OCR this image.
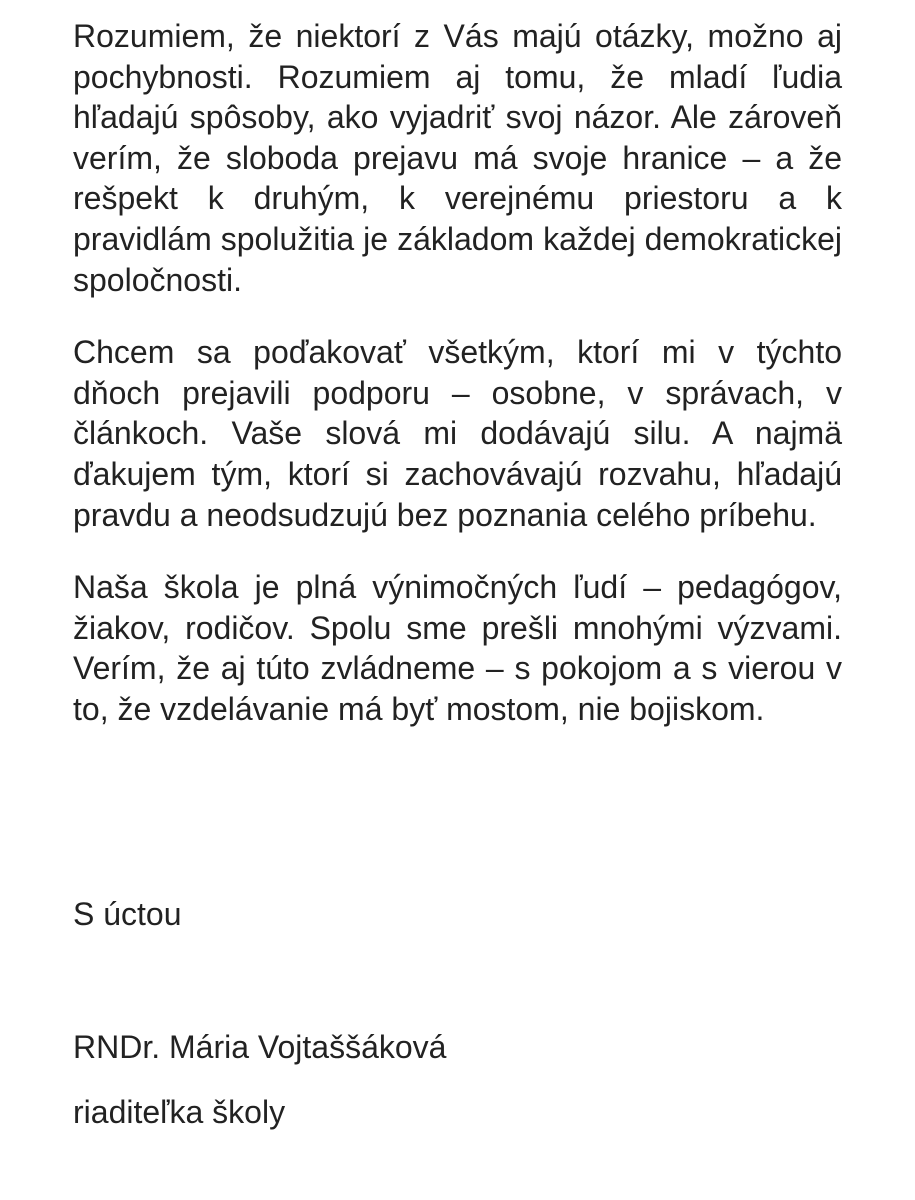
Rozumiem, že niektorí z Vás majú otázky, možno aj pochybnosti. Rozumiem aj tomu, že mladí ľudia hľadajú spôsoby, ako vyjadriť svoj názor. Ale zároveň verím, že sloboda prejavu má svoje hranice – a že rešpekt k druhým, k verejnému priestoru a k pravidlám spolužitia je základom každej demokratickej spoločnosti.

Chcem sa poďakovať všetkým, ktorí mi v týchto dňoch prejavili podporu – osobne, v správach, v článkoch. Vaše slová mi dodávajú silu. A najmä ďakujem tým, ktorí si zachovávajú rozvahu, hľadajú pravdu a neodsudzujú bez poznania celého príbehu.

Naša škola je plná výnimočných ľudí – pedagógov, žiakov, rodičov. Spolu sme prešli mnohými výzvami. Verím, že aj túto zvládneme – s pokojom a s vierou v to, že vzdelávanie má byť mostom, nie bojiskom.

S úctou

RNDr. Mária Vojtaššáková

riaditeľka školy
